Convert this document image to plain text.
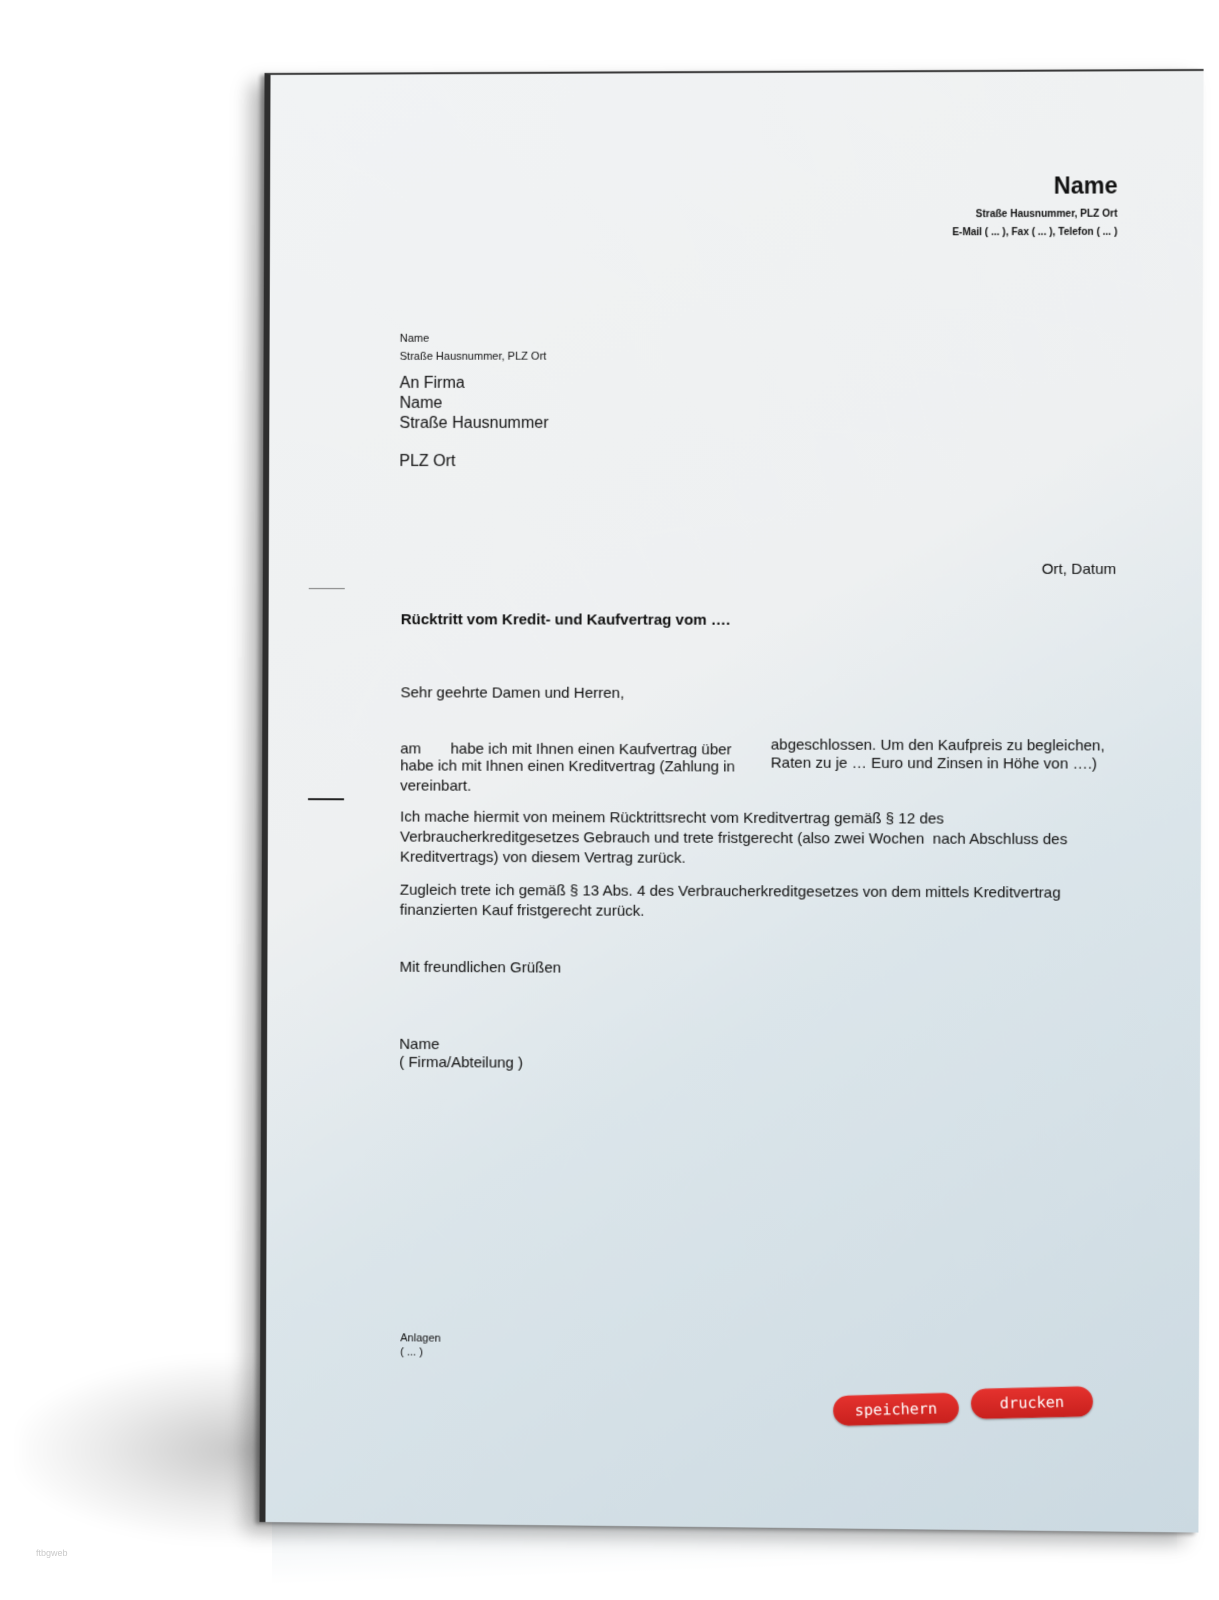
Name
Straße Hausnummer, PLZ Ort
E-Mail ( ... ), Fax ( ... ), Telefon ( ... )
Name
Straße Hausnummer, PLZ Ort
An Firma
Name
Straße Hausnummer
PLZ Ort
Ort, Datum
Rücktritt vom Kredit- und Kaufvertrag vom ….
Sehr geehrte Damen und Herren,
am       habe ich mit Ihnen einen Kaufvertrag über	abgeschlossen. Um den Kaufpreis zu begleichen,
habe ich mit Ihnen einen Kreditvertrag (Zahlung in Raten zu je … Euro und Zinsen in Höhe von ….)
vereinbart.
Ich mache hiermit von meinem Rücktrittsrecht vom Kreditvertrag gemäß § 12 des
Verbraucherkreditgesetzes Gebrauch und trete fristgerecht (also zwei Wochen  nach Abschluss des
Kreditvertrags) von diesem Vertrag zurück.
Zugleich trete ich gemäß § 13 Abs. 4 des Verbraucherkreditgesetzes von dem mittels Kreditvertrag
finanzierten Kauf fristgerecht zurück.
Mit freundlichen Grüßen
Name
( Firma/Abteilung )
Anlagen
( ... )
speichern	drucken
ftbgweb
